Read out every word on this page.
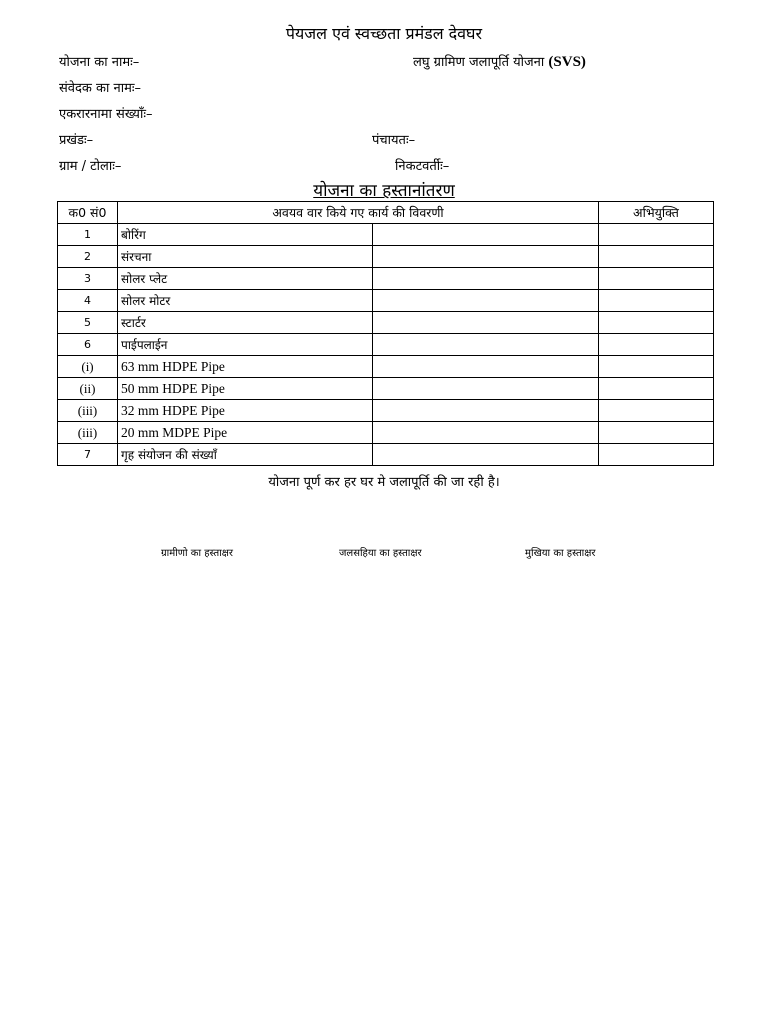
पेयजल एवं स्वच्छता प्रमंडल देवघर
योजना का नामः–	लघु ग्रामिण जलापूर्ति योजना (SVS)
संवेदक का नामः–
एकरारनामा संख्याँः–
प्रखंडः–	पंचायतः–
ग्राम / टोलाः–	निकटवर्तीः–
योजना का हस्तानांतरण
क0 सं0	अवयव वार किये गए कार्य की विवरणी		अभियुक्ति
1	बोरिंग		
2	संरचना		
3	सोलर प्लेट		
4	सोलर मोटर		
5	स्टार्टर		
6	पाईपलाईन		
(i)	63 mm HDPE Pipe		
(ii)	50 mm HDPE Pipe		
(iii)	32 mm HDPE Pipe		
(iii)	20 mm MDPE Pipe		
7	गृह संयोजन की संख्याँ		
योजना पूर्ण कर हर घर मे जलापूर्ति की जा रही है।
ग्रामीणो का हस्ताक्षर	जलसहिया का हस्ताक्षर	मुखिया का हस्ताक्षर
